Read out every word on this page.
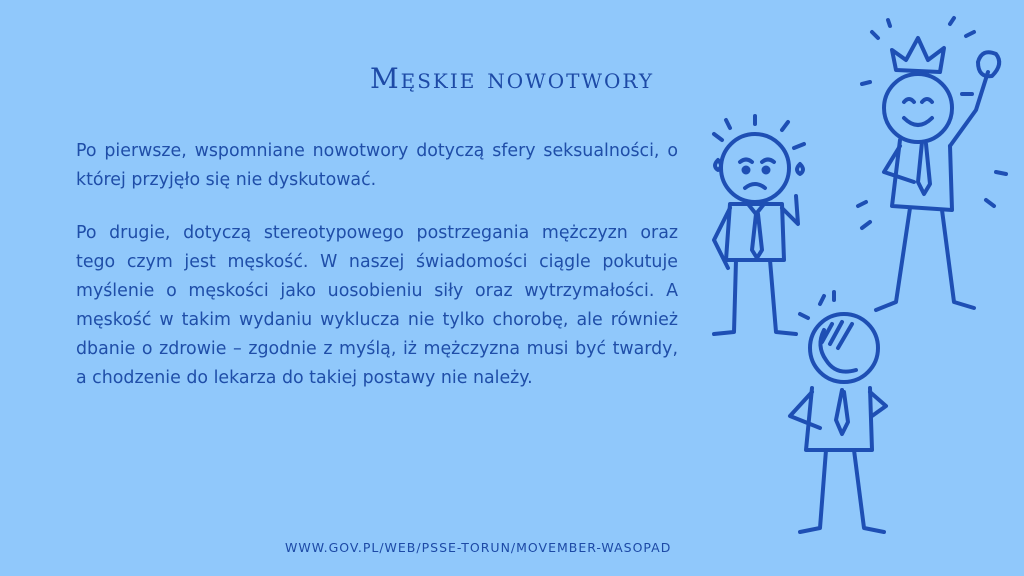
Męskie nowotwory

Po pierwsze, wspomniane nowotwory dotyczą sfery seksualności, o której przyjęło się nie dyskutować.

Po drugie, dotyczą stereotypowego postrzegania mężczyzn oraz tego czym jest męskość. W naszej świadomości ciągle pokutuje myślenie o męskości jako uosobieniu siły oraz wytrzymałości. A męskość w takim wydaniu wyklucza nie tylko chorobę, ale również dbanie o zdrowie – zgodnie z myślą, iż mężczyzna musi być twardy, a chodzenie do lekarza do takiej postawy nie należy.

WWW.GOV.PL/WEB/PSSE-TORUN/MOVEMBER-WASOPAD
